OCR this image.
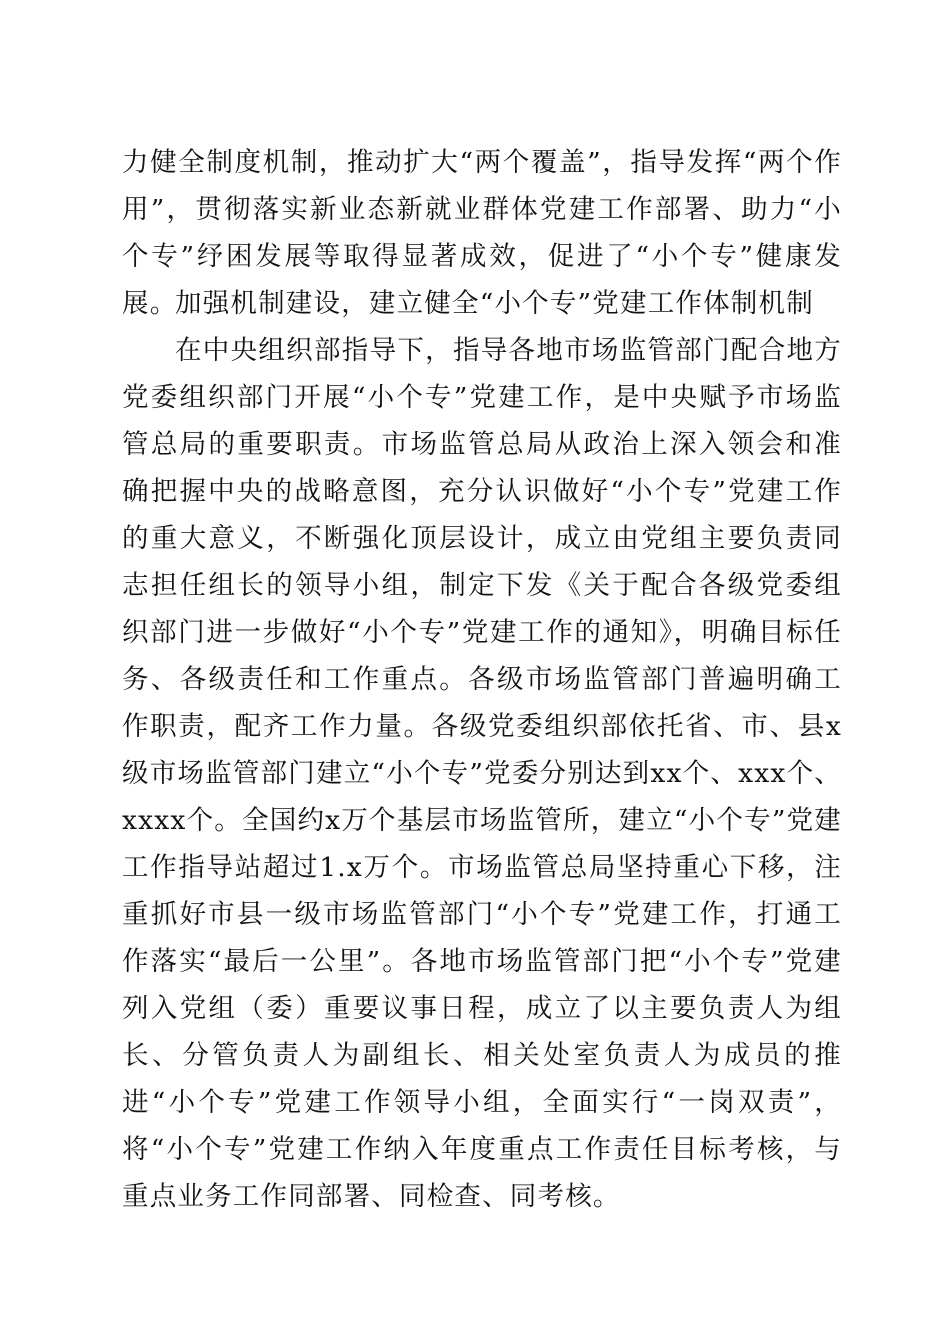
力健全制度机制，推动扩大“两个覆盖”，指导发挥“两个作用”，贯彻落实新业态新就业群体党建工作部署、助力“小个专”纾困发展等取得显著成效，促进了“小个专”健康发展。

加强机制建设，建立健全“小个专”党建工作体制机制

在中央组织部指导下，指导各地市场监管部门配合地方党委组织部门开展“小个专”党建工作，是中央赋予市场监管总局的重要职责。市场监管总局从政治上深入领会和准确把握中央的战略意图，充分认识做好“小个专”党建工作的重大意义，不断强化顶层设计，成立由党组主要负责同志担任组长的领导小组，制定下发《关于配合各级党委组织部门进一步做好“小个专”党建工作的通知》，明确目标任务、各级责任和工作重点。各级市场监管部门普遍明确工作职责，配齐工作力量。各级党委组织部依托省、市、县x级市场监管部门建立“小个专”党委分别达到xx个、xxx个、xxxx个。全国约x万个基层市场监管所，建立“小个专”党建工作指导站超过1.x万个。市场监管总局坚持重心下移，注重抓好市县一级市场监管部门“小个专”党建工作，打通工作落实“最后一公里”。各地市场监管部门把“小个专”党建列入党组（委）重要议事日程，成立了以主要负责人为组长、分管负责人为副组长、相关处室负责人为成员的推进“小个专”党建工作领导小组，全面实行“一岗双责”，将“小个专”党建工作纳入年度重点工作责任目标考核，与重点业务工作同部署、同检查、同考核。
